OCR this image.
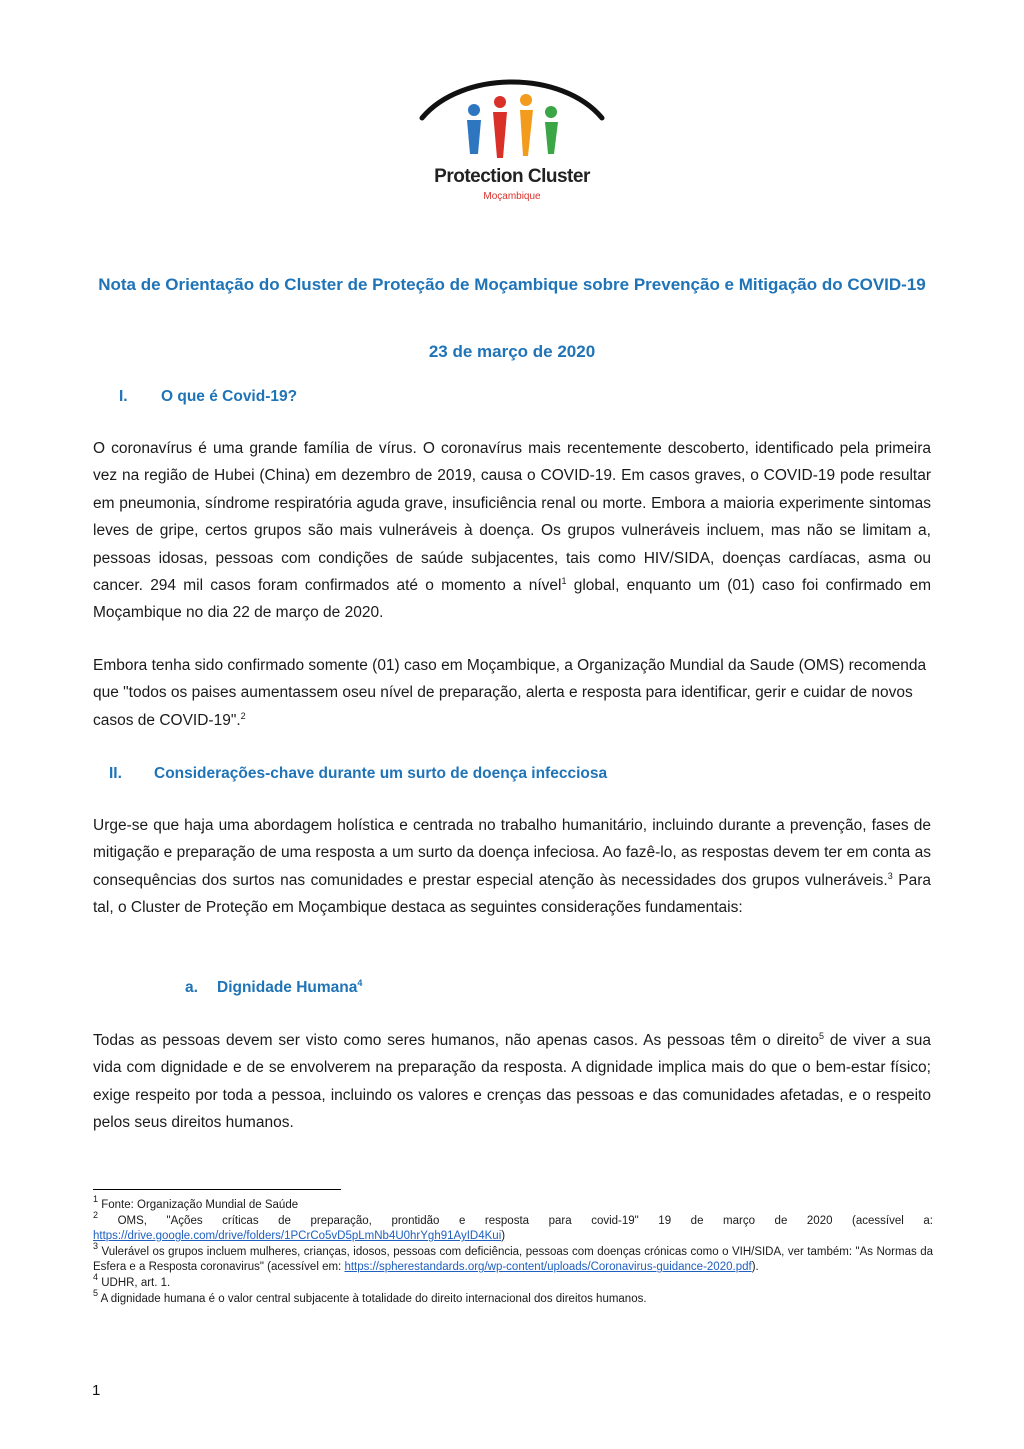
Protection Cluster
Moçambique
Nota de Orientação do Cluster de Proteção de Moçambique sobre Prevenção e Mitigação do COVID-19
23 de março de 2020
I. O que é Covid-19?
O coronavírus é uma grande família de vírus. O coronavírus mais recentemente descoberto, identificado pela primeira vez na região de Hubei (China) em dezembro de 2019, causa o COVID-19. Em casos graves, o COVID-19 pode resultar em pneumonia, síndrome respiratória aguda grave, insuficiência renal ou morte. Embora a maioria experimente sintomas leves de gripe, certos grupos são mais vulneráveis à doença. Os grupos vulneráveis incluem, mas não se limitam a, pessoas idosas, pessoas com condições de saúde subjacentes, tais como HIV/SIDA, doenças cardíacas, asma ou cancer. 294 mil casos foram confirmados até o momento a nível$^1$ global, enquanto um (01) caso foi confirmado em Moçambique no dia 22 de março de 2020.
Embora tenha sido confirmado somente (01) caso em Moçambique, a Organização Mundial da Saude (OMS) recomenda que "todos os paises aumentassem oseu nível de preparação, alerta e resposta para identificar, gerir e cuidar de novos casos de COVID-19".$^2$
II. Considerações-chave durante um surto de doença infecciosa
Urge-se que haja uma abordagem holística e centrada no trabalho humanitário, incluindo durante a prevenção, fases de mitigação e preparação de uma resposta a um surto da doença infeciosa. Ao fazê-lo, as respostas devem ter em conta as consequências dos surtos nas comunidades e prestar especial atenção às necessidades dos grupos vulneráveis.$^3$ Para tal, o Cluster de Proteção em Moçambique destaca as seguintes considerações fundamentais:
a. Dignidade Humana$^4$
Todas as pessoas devem ser visto como seres humanos, não apenas casos. As pessoas têm o direito$^5$ de viver a sua vida com dignidade e de se envolverem na preparação da resposta. A dignidade implica mais do que o bem-estar físico; exige respeito por toda a pessoa, incluindo os valores e crenças das pessoas e das comunidades afetadas, e o respeito pelos seus direitos humanos.

$^1$ Fonte: Organização Mundial de Saúde

$^2$ OMS, "Ações críticas de preparação, prontidão e resposta para covid-19" 19 de março de 2020 (acessível a: https://drive.google.com/drive/folders/1PCrCo5vD5pLmNb4U0hrYgh91AyID4Kui)

$^3$ Vulerável os grupos incluem mulheres, crianças, idosos, pessoas com deficiência, pessoas com doenças crónicas como o VIH/SIDA, ver também: "As Normas da Esfera e a Resposta coronavirus" (acessível em: https://spherestandards.org/wp-content/uploads/Coronavirus-guidance-2020.pdf).

$^4$ UDHR, art. 1.

$^5$ A dignidade humana é o valor central subjacente à totalidade do direito internacional dos direitos humanos.

1
